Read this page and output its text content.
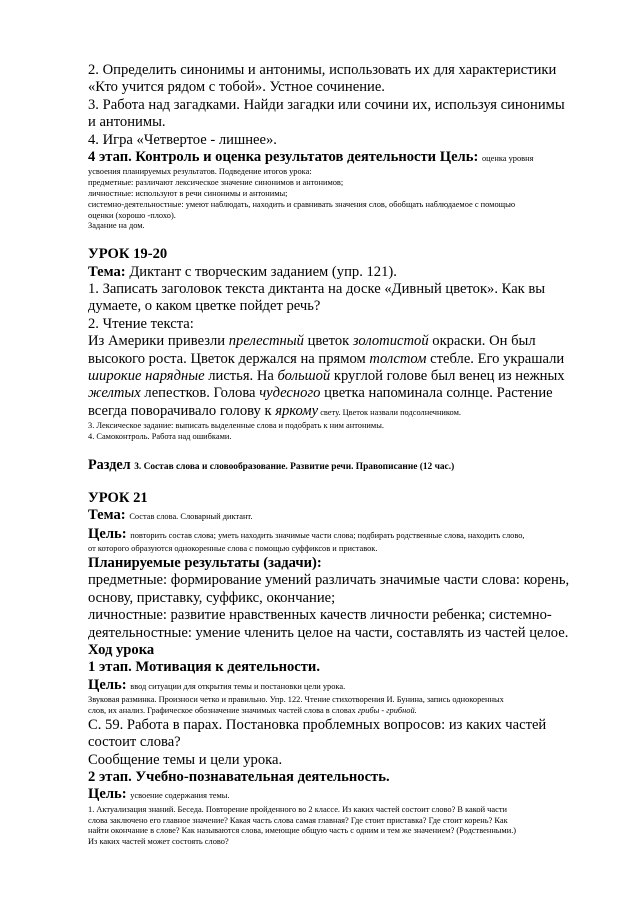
2. Определить синонимы и антонимы, использовать их для характеристики

«Кто учится рядом с тобой». Устное сочинение.

3. Работа над загадками. Найди загадки или сочини их, используя синонимы

и антонимы.

4. Игра «Четвертое - лишнее».

4 этап. Контроль и оценка результатов деятельности Цель: оценка уровня

усвоения планируемых результатов. Подведение итогов урока:

предметные: различают лексическое значение синонимов и антонимов;

личностные: используют в речи синонимы и антонимы;

системно-деятельностные: умеют наблюдать, находить и сравнивать значения слов, обобщать наблюдаемое с помощью

оценки (хорошо -плохо).

Задание на дом.

УРОК 19-20

Тема: Диктант с творческим заданием (упр. 121).

1. Записать заголовок текста диктанта на доске «Дивный цветок». Как вы

думаете, о каком цветке пойдет речь?

2. Чтение текста:

Из Америки привезли прелестный цветок золотистой окраски. Он был

высокого роста. Цветок держался на прямом толстом стебле. Его украшали

широкие нарядные листья. На большой круглой голове был венец из нежных

желтых лепестков. Голова чудесного цветка напоминала солнце. Растение

всегда поворачивало голову к яркому свету. Цветок назвали подсолнечником.

3. Лексическое задание: выписать выделенные слова и подобрать к ним антонимы.

4. Самоконтроль. Работа над ошибками.

Раздел 3. Состав слова и словообразование. Развитие речи. Правописание (12 час.)

УРОК 21

Тема: Состав слова. Словарный диктант.

Цель: повторить состав слова; уметь находить значимые части слова; подбирать родственные слова, находить слово,

от которого образуются однокоренные слова с помощью суффиксов и приставок.

Планируемые результаты (задачи):

предметные: формирование умений различать значимые части слова: корень,

основу, приставку, суффикс, окончание;

личностные: развитие нравственных качеств личности ребенка; системно-

деятельностные: умение членить целое на части, составлять из частей целое.

Ход урока

1 этап. Мотивация к деятельности.

Цель: ввод ситуации для открытия темы и постановки цели урока.

Звуковая разминка. Произноси четко и правильно. Упр. 122. Чтение стихотворения И. Бунина, запись однокоренных

слов, их анализ. Графическое обозначение значимых частей слова в словах грибы - грибной.

С. 59. Работа в парах. Постановка проблемных вопросов: из каких частей

состоит слова?

Сообщение темы и цели урока.

2 этап. Учебно-познавательная деятельность.

Цель: усвоение содержания темы.

1. Актуализация знаний. Беседа. Повторение пройденного во 2 классе. Из каких частей состоит слово? В какой части

слова заключено его главное значение? Какая часть слова самая главная? Где стоит приставка? Где стоит корень? Как

найти окончание в слове? Как называются слова, имеющие общую часть с одним и тем же значением? (Родственными.)

Из каких частей может состоять слово?
